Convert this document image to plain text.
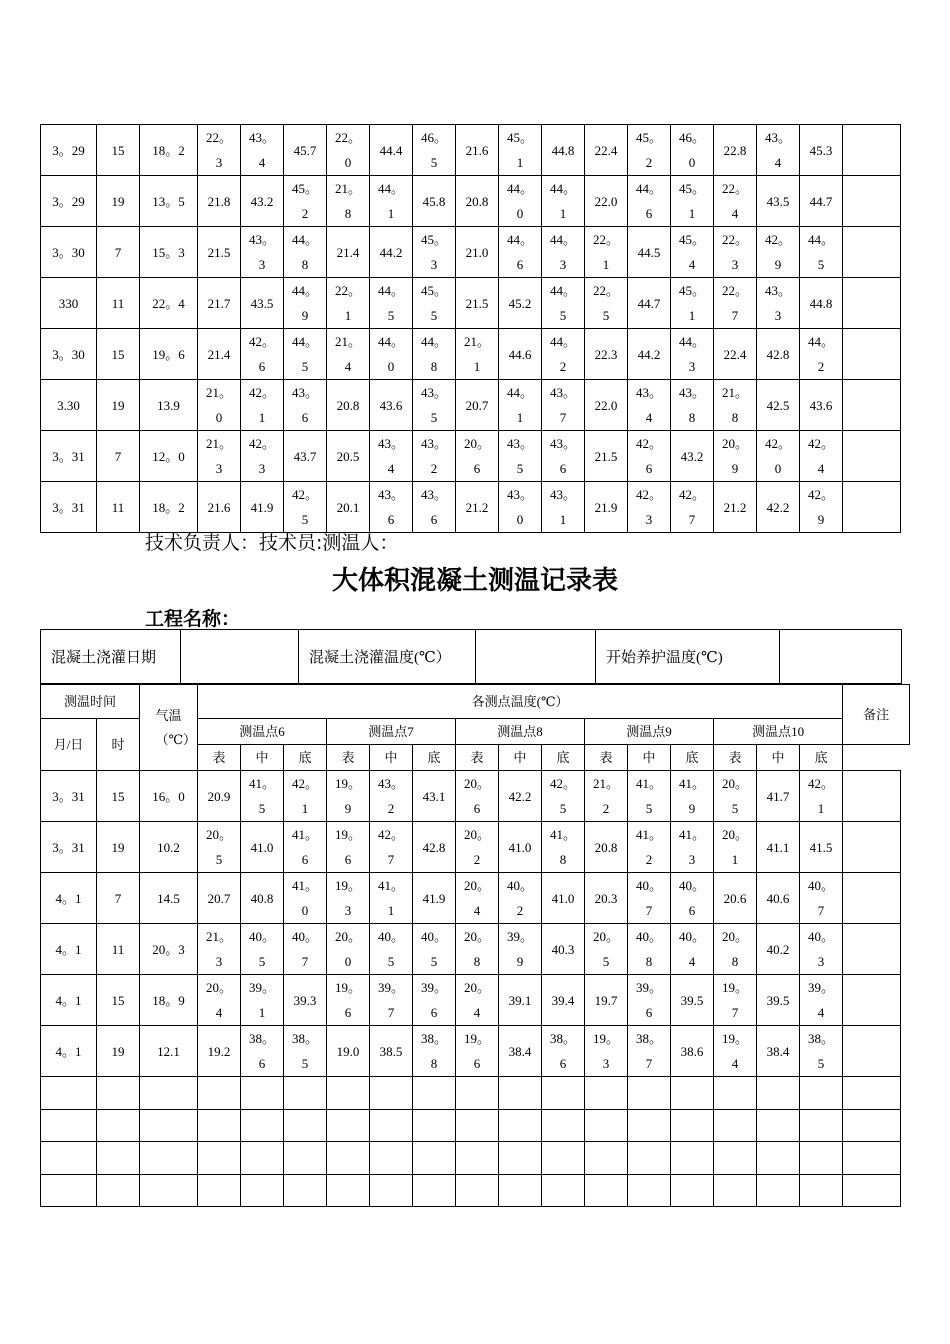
3。29	15	18。2	22。3	43。4	45.7	22。0	44.4	46。5	21.6	45。1	44.8	22.4	45。2	46。0	22.8	43。4	45.3	
3。29	19	13。5	21.8	43.2	45。2	21。8	44。1	45.8	20.8	44。0	44。1	22.0	44。6	45。1	22。4	43.5	44.7	
3。30	7	15。3	21.5	43。3	44。8	21.4	44.2	45。3	21.0	44。6	44。3	22。1	44.5	45。4	22。3	42。9	44。5	
330	11	22。4	21.7	43.5	44。9	22。1	44。5	45。5	21.5	45.2	44。5	22。5	44.7	45。1	22。7	43。3	44.8	
3。30	15	19。6	21.4	42。6	44。5	21。4	44。0	44。8	21。1	44.6	44。2	22.3	44.2	44。3	22.4	42.8	44。2	
3.30	19	13.9	21。0	42。1	43。6	20.8	43.6	43。5	20.7	44。1	43。7	22.0	43。4	43。8	21。8	42.5	43.6	
3。31	7	12。0	21。3	42。3	43.7	20.5	43。4	43。2	20。6	43。5	43。6	21.5	42。6	43.2	20。9	42。0	42。4	
3。31	11	18。2	21.6	41.9	42。5	20.1	43。6	43。6	21.2	43。0	43。1	21.9	42。3	42。7	21.2	42.2	42。9	
技术负责人：技术员:测温人：
大体积混凝土测温记录表
工程名称：
混凝土浇灌日期		混凝土浇灌温度(℃）		开始养护温度(℃)	
测温时间		气温（℃）	各测点温度(℃）															备注
月/日	时		测温点6			测温点7			测温点8			测温点9			测温点10			
			表	中	底	表	中	底	表	中	底	表	中	底	表	中	底	
3。31	15	16。0	20.9	41。5	42。1	19。9	43。2	43.1	20。6	42.2	42。5	21。2	41。5	41。9	20。5	41.7	42。1	
3。31	19	10.2	20。5	41.0	41。6	19。6	42。7	42.8	20。2	41.0	41。8	20.8	41。2	41。3	20。1	41.1	41.5	
4。1	7	14.5	20.7	40.8	41。0	19。3	41。1	41.9	20。4	40。2	41.0	20.3	40。7	40。6	20.6	40.6	40。7	
4。1	11	20。3	21。3	40。5	40。7	20。0	40。5	40。5	20。8	39。9	40.3	20。5	40。8	40。4	20。8	40.2	40。3	
4。1	15	18。9	20。4	39。1	39.3	19。6	39。7	39。6	20。4	39.1	39.4	19.7	39。6	39.5	19。7	39.5	39。4	
4。1	19	12.1	19.2	38。6	38。5	19.0	38.5	38。8	19。6	38.4	38。6	19。3	38。7	38.6	19。4	38.4	38。5	
